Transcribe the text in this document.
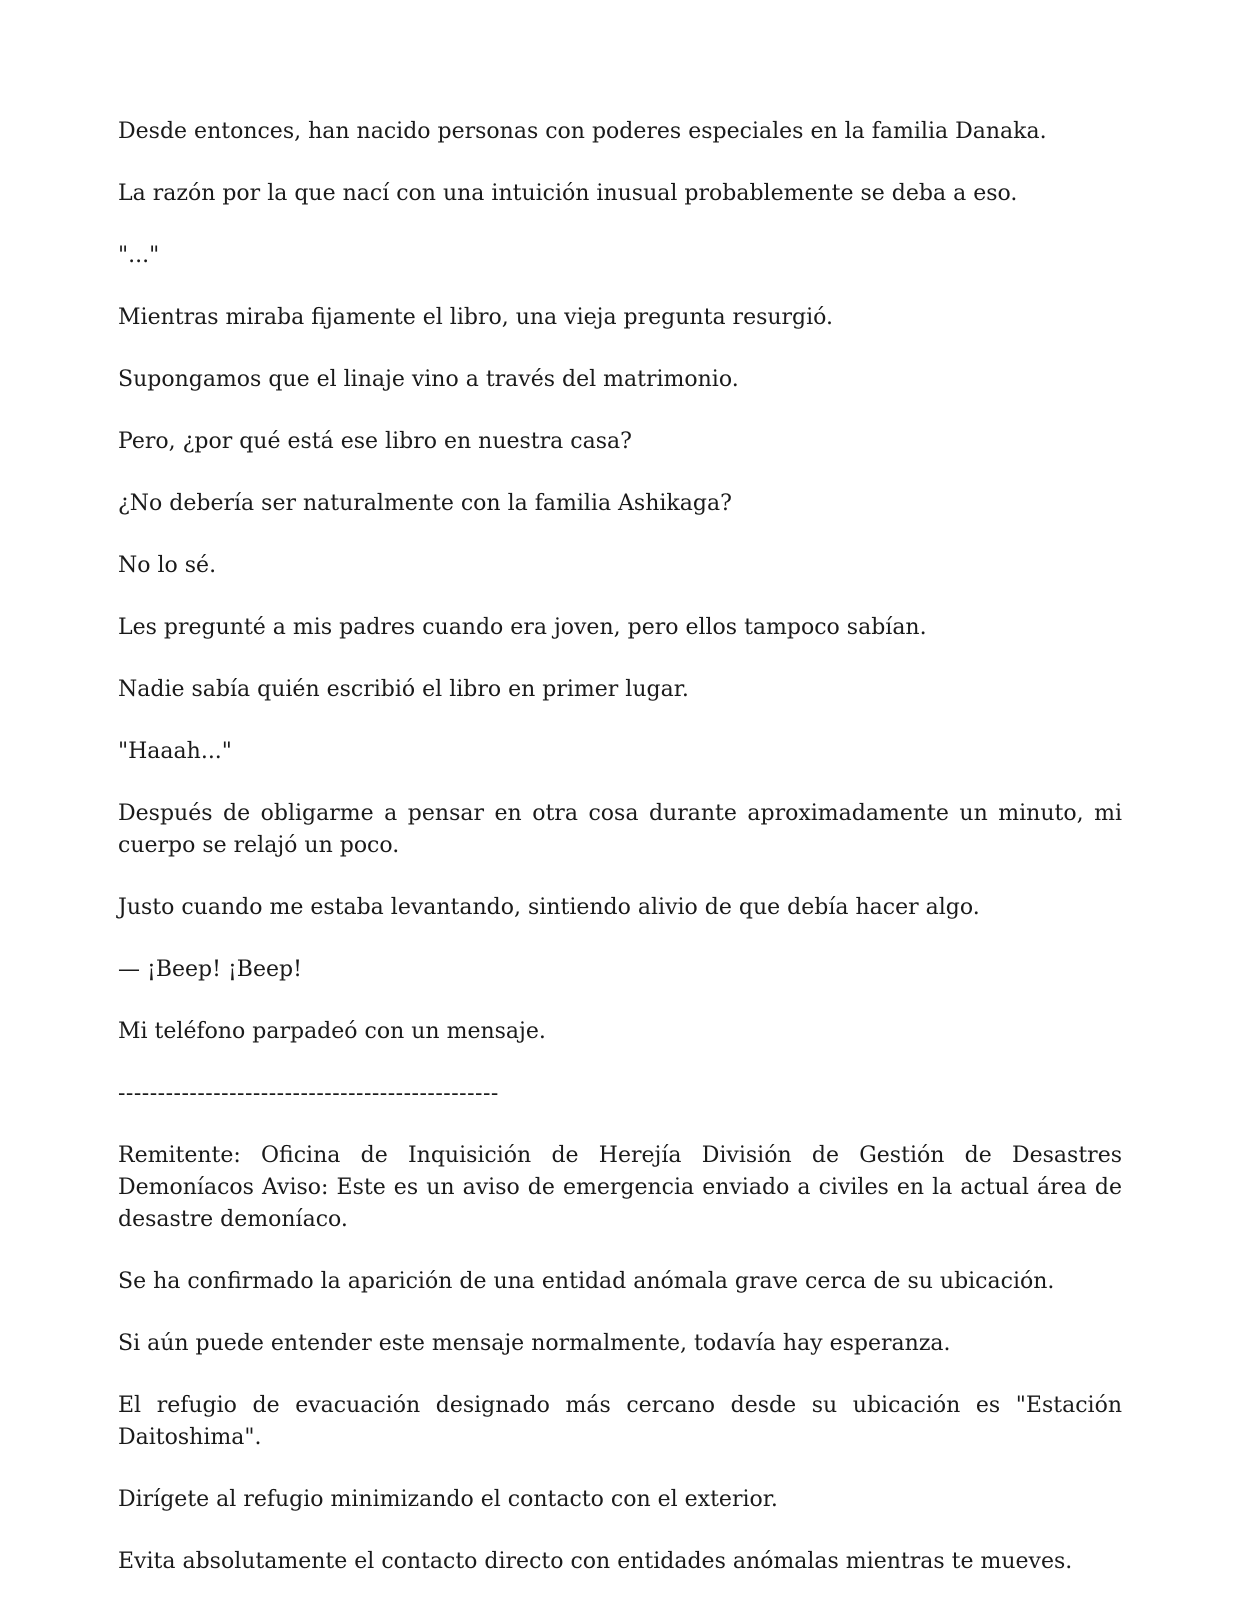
Desde entonces, han nacido personas con poderes especiales en la familia Danaka.

La razón por la que nací con una intuición inusual probablemente se deba a eso.

"..."

Mientras miraba fijamente el libro, una vieja pregunta resurgió.

Supongamos que el linaje vino a través del matrimonio.

Pero, ¿por qué está ese libro en nuestra casa?

¿No debería ser naturalmente con la familia Ashikaga?

No lo sé.

Les pregunté a mis padres cuando era joven, pero ellos tampoco sabían.

Nadie sabía quién escribió el libro en primer lugar.

"Haaah..."

Después de obligarme a pensar en otra cosa durante aproximadamente un minuto, mi cuerpo se relajó un poco.

Justo cuando me estaba levantando, sintiendo alivio de que debía hacer algo.

— ¡Beep! ¡Beep!

Mi teléfono parpadeó con un mensaje.

------------------------------------------------

Remitente: Oficina de Inquisición de Herejía División de Gestión de Desastres Demoníacos Aviso: Este es un aviso de emergencia enviado a civiles en la actual área de desastre demoníaco.

Se ha confirmado la aparición de una entidad anómala grave cerca de su ubicación.

Si aún puede entender este mensaje normalmente, todavía hay esperanza.

El refugio de evacuación designado más cercano desde su ubicación es "Estación Daitoshima".

Dirígete al refugio minimizando el contacto con el exterior.

Evita absolutamente el contacto directo con entidades anómalas mientras te mueves.
